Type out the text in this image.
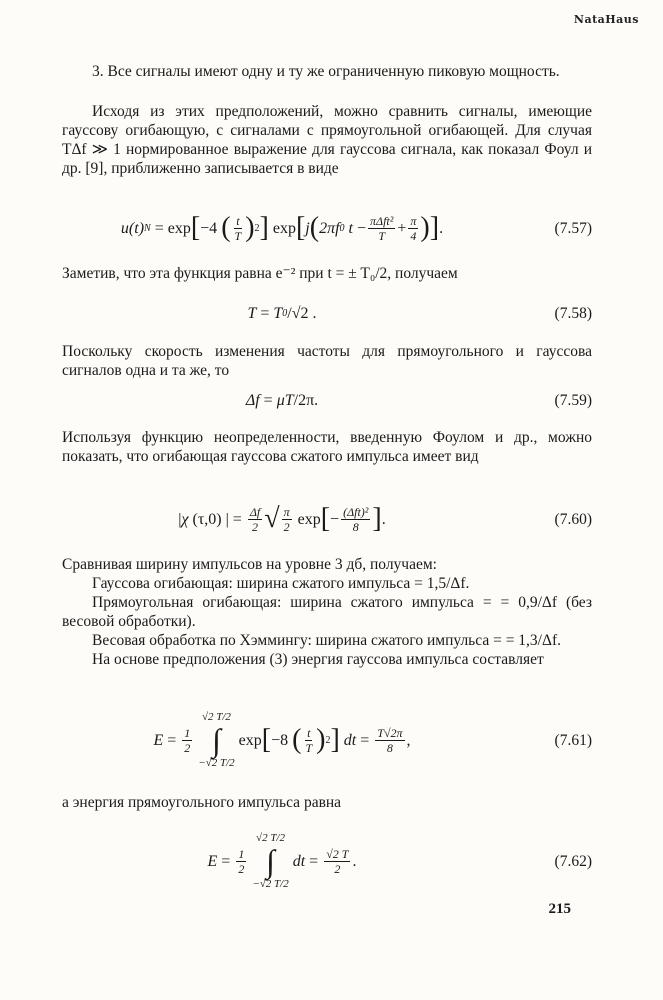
NataHaus

3. Все сигналы имеют одну и ту же ограниченную пиковую мощность.

Исходя из этих предположений, можно сравнить сигналы, имеющие гауссову огибающую, с сигналами с прямоугольной огибающей. Для случая TΔf ≫ 1 нормированное выражение для гауссова сигнала, как показал Фоул и др. [9], приближенно записывается в виде

u(t) N = exp [ −4
( $\frac{t}{T}$ ) 2 ] exp [ j ( 2πf 0 $t - \frac{\text{πΔft²}}{T} + \frac{\pi}{4}$ )] .	(7.57)

Заметив, что эта функция равна e⁻² при t = ± T₀/2, получаем

T = T 0 /√2 .	(7.58)

Поскольку скорость изменения частоты для прямоугольного и гауссова сигналов одна и та же, то

Δf = μT /2π.	(7.59)

Используя функцию неопределенности, введенную Фоулом и др., можно показать, что огибающая гауссова сжатого импульса имеет вид

| χ (τ,0) | = $\frac{\Delta f}{2}$ √ $\frac{\pi}{2}$ exp [ − $\frac{\text{(Δft)²}}{8}$ ] .	(7.60)

Сравнивая ширину импульсов на уровне 3 дб, получаем:

Гауссова огибающая: ширина сжатого импульса = 1,5/Δf.

Прямоугольная огибающая: ширина сжатого импульса = = 0,9/Δf (без весовой обработки).

Весовая обработка по Хэммингу: ширина сжатого импульса = = 1,3/Δf.

На основе предположения (3) энергия гауссова импульса составляет

$E = \frac{1}{2}$
√2 T/2
∫
−√2 T/2
exp [ −8
( $\frac{t}{T}$ ) 2 ] dt = $\frac{T√2\pi}{8}$ ,	(7.61)

а энергия прямоугольного импульса равна

$E = \frac{1}{2}$
√2 T/2
∫
−√2 T/2
dt = $\frac{√2 T}{2}$ .	(7.62)
215
